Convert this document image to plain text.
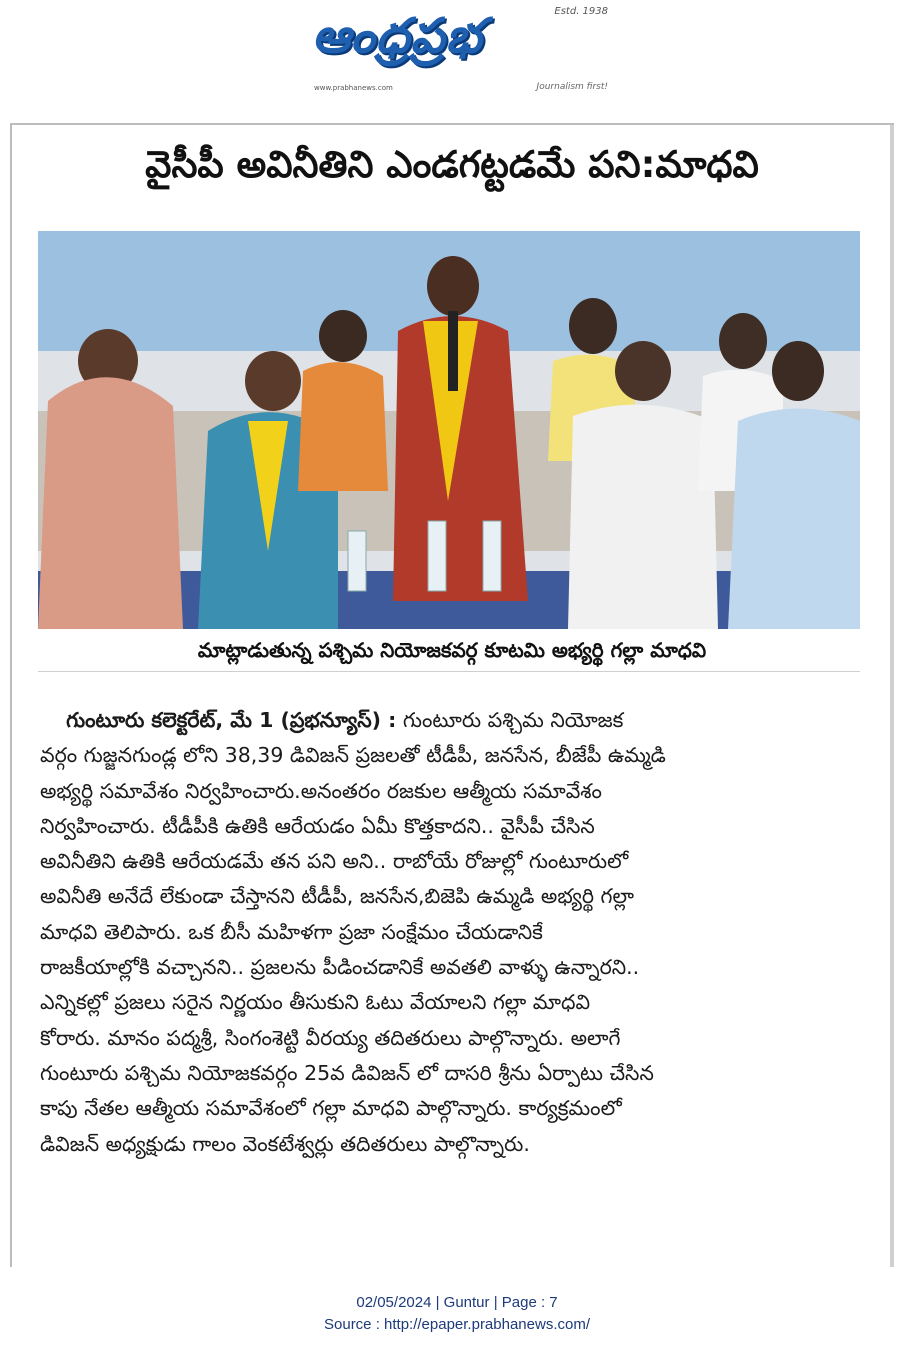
ఆంధ్రప్రభ	Estd. 1938
www.prabhanews.com	Journalism first!
వైసీపీ అవినీతిని ఎండగట్టడమే పని:మాధవి
మాట్లాడుతున్న పశ్చిమ నియోజకవర్గ కూటమి అభ్యర్థి గల్లా మాధవి
గుంటూరు కలెక్టరేట్, మే 1 (ప్రభన్యూస్) : గుంటూరు పశ్చిమ నియోజక
వర్గం గుజ్జనగుండ్ల లోని 38,39 డివిజన్ ప్రజలతో టీడీపీ, జనసేన, బీజేపీ ఉమ్మడి
అభ్యర్థి సమావేశం నిర్వహించారు.అనంతరం రజకుల ఆత్మీయ సమావేశం
నిర్వహించారు. టీడీపీకి ఉతికి ఆరేయడం ఏమీ కొత్తకాదని.. వైసీపీ చేసిన
అవినీతిని ఉతికి ఆరేయడమే తన పని అని.. రాబోయే రోజుల్లో గుంటూరులో
అవినీతి అనేదే లేకుండా చేస్తానని టీడీపీ, జనసేన,బిజెపి ఉమ్మడి అభ్యర్థి గల్లా
మాధవి తెలిపారు. ఒక బీసీ మహిళగా ప్రజా సంక్షేమం చేయడానికే
రాజకీయాల్లోకి వచ్చానని.. ప్రజలను పీడించడానికే అవతలి వాళ్ళు ఉన్నారని..
ఎన్నికల్లో ప్రజలు సరైన నిర్ణయం తీసుకుని ఓటు వేయాలని గల్లా మాధవి
కోరారు. మానం పద్మశ్రీ, సింగంశెట్టి వీరయ్య తదితరులు పాల్గొన్నారు. అలాగే
గుంటూరు పశ్చిమ నియోజకవర్గం 25వ డివిజన్ లో దాసరి శ్రీను ఏర్పాటు చేసిన
కాపు నేతల ఆత్మీయ సమావేశంలో గల్లా మాధవి పాల్గొన్నారు. కార్యక్రమంలో
డివిజన్ అధ్యక్షుడు గాలం వెంకటేశ్వర్లు తదితరులు పాల్గొన్నారు.
02/05/2024 | Guntur | Page : 7
Source : http://epaper.prabhanews.com/
